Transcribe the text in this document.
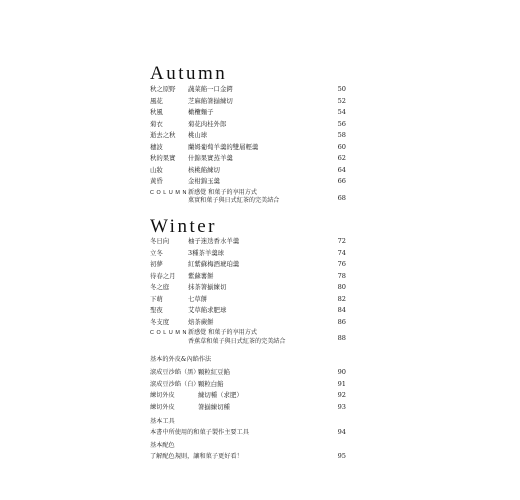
Autumn
秋之原野 蔬菜餡一口金鍔	50
風花	芝麻餡箸揃練切	52
秋風	橄欖麵子	54
菊衣	菊花肉桂外郎	56
逝去之秋 桃山球	58
穗波	蘭姆葡萄羊羹的雙層輕羹	60
秋的果實 什錦果實蒸羊羹	62
山妝	核桃餡練切	64
黃昏	金柑錦玉羹	66
COLUMN 新感覺 和菓子的享用方式
菓實和菓子與日式紅茶的完美結合	68
Winter
冬日向	柚子迷迭香水羊羹	72
立冬	3種茶羊羹球	74
初夢	紅紫蘇梅酒琥珀羹	76
待春之月 紫蘇薯餅	78
冬之庭	抹茶箸揃練切	80
下萌	七草餅	82
聖夜	艾草餡求肥球	84
冬支度	焙茶蕨餅	86
COLUMN 新感覺 和菓子的享用方式
香蕉草和菓子與日式紅茶的完美結合	88
基本的外皮&內餡作法
滾成豆沙餡（黑）
顆粒紅豆餡	90
滾成豆沙餡（白）
顆粒白餡	91
練切外皮	練切種（求肥）	92
練切外皮	箸揃練切種	93
基本工具
本書中所使用的和菓子製作主要工具	94
基本配色
了解配色規則，讓和菓子更好看！	95
